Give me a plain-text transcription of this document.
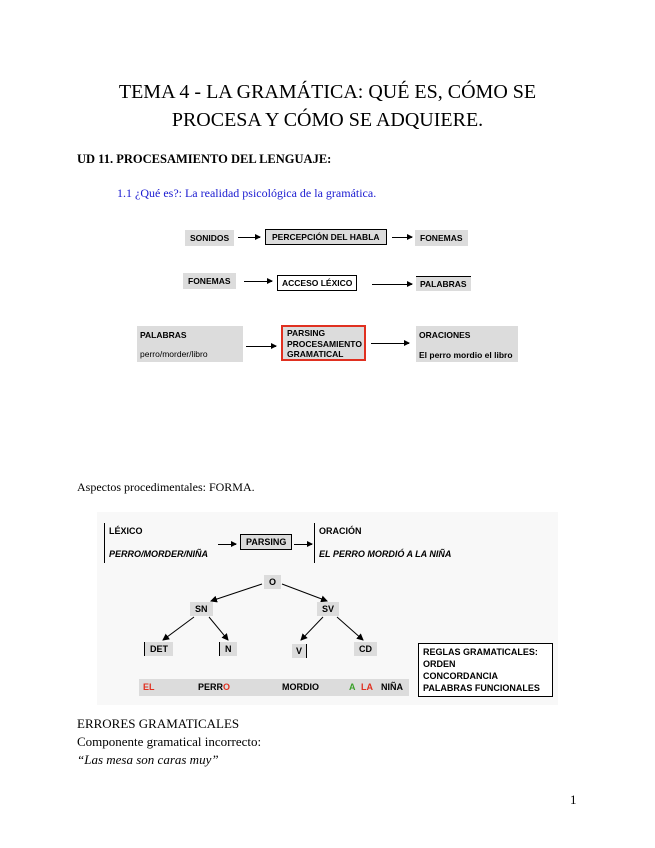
TEMA 4 - LA GRAMÁTICA: QUÉ ES, CÓMO SE
PROCESA Y CÓMO SE ADQUIERE.
UD 11. PROCESAMIENTO DEL LENGUAJE:
1.1 ¿Qué es?: La realidad psicológica de la gramática.
SONIDOS	PERCEPCIÓN DEL HABLA	FONEMAS
FONEMAS	ACCESO LÉXICO	PALABRAS
PALABRAS
perro/morder/libro
PARSING
PROCESAMIENTO
GRAMATICAL
ORACIONES
El perro mordio el libro
Aspectos procedimentales: FORMA.
LÉXICO
PERRO/MORDER/NIÑA
PARSING
ORACIÓN
EL PERRO MORDIÓ A LA NIÑA
O
SN	SV
DET	N	V	CD
EL	PERRO	MORDIO	A LA NIÑA
REGLAS GRAMATICALES:
ORDEN
CONCORDANCIA
PALABRAS FUNCIONALES
ERRORES GRAMATICALES
Componente gramatical incorrecto:
“Las mesa son caras muy”
1
